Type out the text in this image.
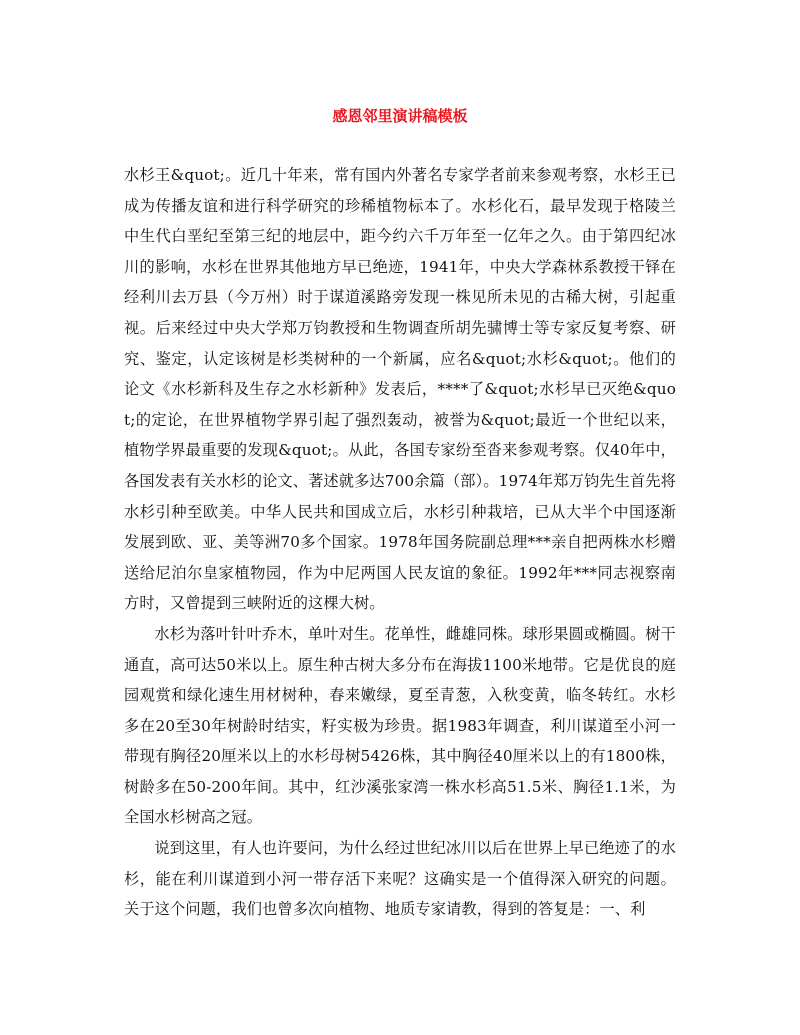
感恩邻里演讲稿模板

水杉王&quot;。近几十年来，常有国内外著名专家学者前来参观考察，水杉王已成为传播友谊和进行科学研究的珍稀植物标本了。水杉化石，最早发现于格陵兰中生代白垩纪至第三纪的地层中，距今约六千万年至一亿年之久。由于第四纪冰川的影响，水杉在世界其他地方早已绝迹，1941年，中央大学森林系教授干铎在经利川去万县（今万州）时于谋道溪路旁发现一株见所未见的古稀大树，引起重视。后来经过中央大学郑万钧教授和生物调查所胡先骕博士等专家反复考察、研究、鉴定，认定该树是杉类树种的一个新属，应名&quot;水杉&quot;。他们的论文《水杉新科及生存之水杉新种》发表后，****了&quot;水杉早已灭绝&quot;的定论，在世界植物学界引起了强烈轰动，被誉为&quot;最近一个世纪以来，植物学界最重要的发现&quot;。从此，各国专家纷至沓来参观考察。仅40年中，各国发表有关水杉的论文、著述就多达700余篇（部）。1974年郑万钧先生首先将水杉引种至欧美。中华人民共和国成立后，水杉引种栽培，已从大半个中国逐渐发展到欧、亚、美等洲70多个国家。1978年国务院副总理***亲自把两株水杉赠送给尼泊尔皇家植物园，作为中尼两国人民友谊的象征。1992年***同志视察南方时，又曾提到三峡附近的这棵大树。

水杉为落叶针叶乔木，单叶对生。花单性，雌雄同株。球形果圆或椭圆。树干通直，高可达50米以上。原生种古树大多分布在海拔1100米地带。它是优良的庭园观赏和绿化速生用材树种，春来嫩绿，夏至青葱，入秋变黄，临冬转红。水杉多在20至30年树龄时结实，籽实极为珍贵。据1983年调查，利川谋道至小河一带现有胸径20厘米以上的水杉母树5426株，其中胸径40厘米以上的有1800株，树龄多在50-200年间。其中，红沙溪张家湾一株水杉高51.5米、胸径1.1米，为全国水杉树高之冠。

说到这里，有人也许要问，为什么经过世纪冰川以后在世界上早已绝迹了的水杉，能在利川谋道到小河一带存活下来呢？这确实是一个值得深入研究的问题。关于这个问题，我们也曾多次向植物、地质专家请教，得到的答复是：一、利
